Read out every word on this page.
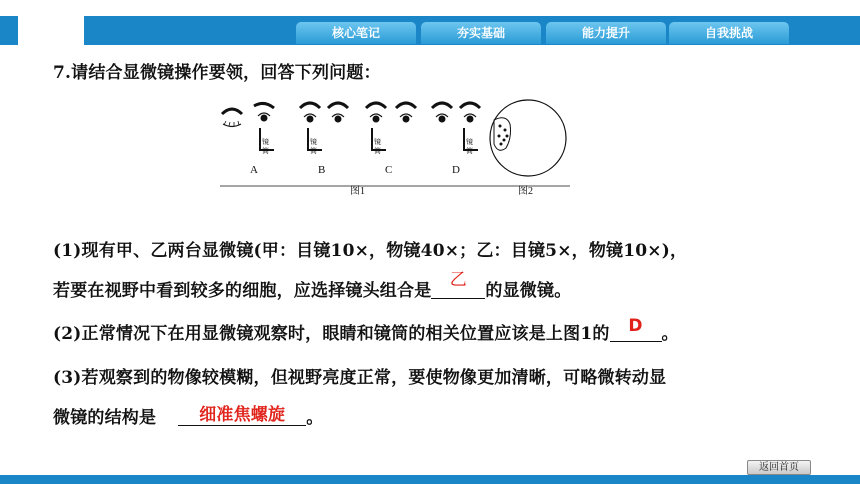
核心笔记	夯实基础	能力提升	自我挑战
7.请结合显微镜操作要领，回答下列问题：
镜
筒
镜
筒
镜
筒
镜
筒
A	B	C	D
图1	图2
(1)现有甲、乙两台显微镜(甲：目镜10×，物镜40×；乙：目镜5×，物镜10×)，
若要在视野中看到较多的细胞，应选择镜头组合是
乙
的显微镜。
(2)正常情况下在用显微镜观察时，眼睛和镜筒的相关位置应该是上图1的	D	。
(3)若观察到的物像较模糊，但视野亮度正常，要使物像更加清晰，可略微转动显
微镜的结构是	细准焦螺旋	。
返回首页
